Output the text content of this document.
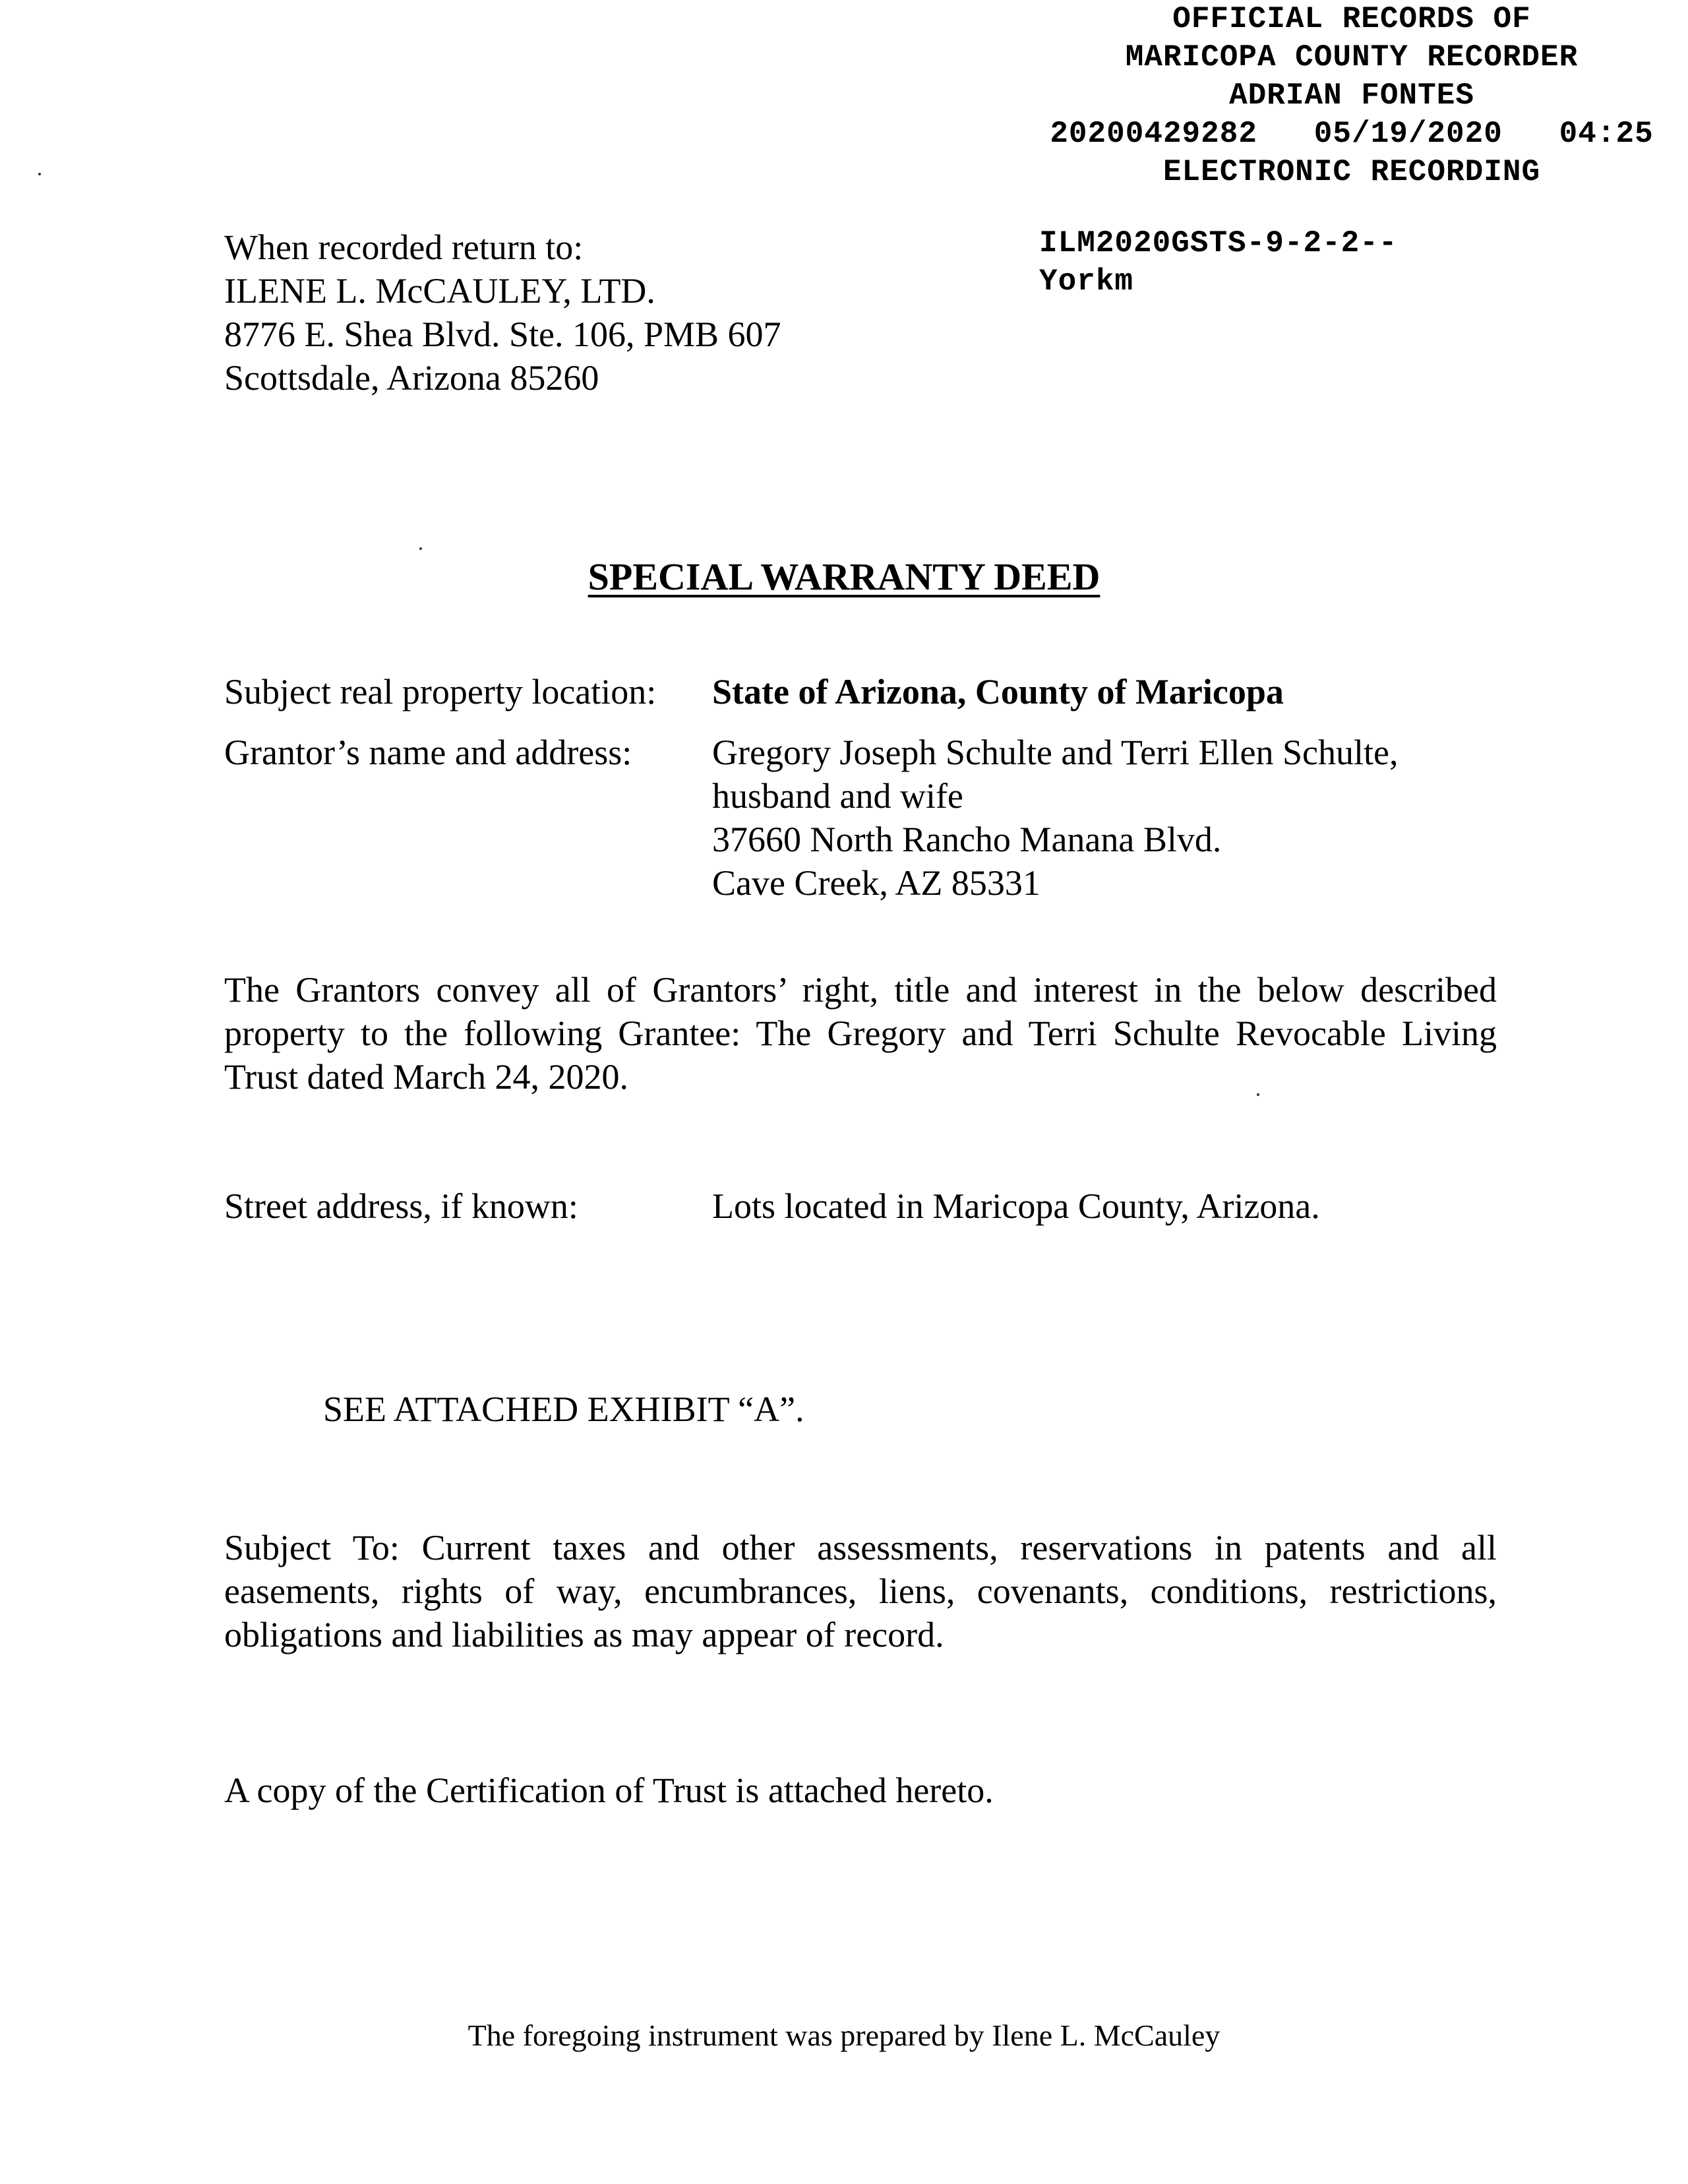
OFFICIAL RECORDS OF
MARICOPA COUNTY RECORDER
ADRIAN FONTES
20200429282   05/19/2020   04:25
ELECTRONIC RECORDING
When recorded return to:
ILENE L. McCAULEY, LTD.
8776 E. Shea Blvd. Ste. 106, PMB 607
Scottsdale, Arizona 85260
ILM2020GSTS-9-2-2--
Yorkm
SPECIAL WARRANTY DEED
Subject real property location: State of Arizona, County of Maricopa
Grantor’s name and address: Gregory Joseph Schulte and Terri Ellen Schulte,
husband and wife
37660 North Rancho Manana Blvd.
Cave Creek, AZ 85331
The Grantors convey all of Grantors’ right, title and interest in the below described property to the following Grantee: The Gregory and Terri Schulte Revocable Living Trust dated March 24, 2020.
Street address, if known:	Lots located in Maricopa County, Arizona.
SEE ATTACHED EXHIBIT “A”.
Subject To: Current taxes and other assessments, reservations in patents and all easements, rights of way, encumbrances, liens, covenants, conditions, restrictions, obligations and liabilities as may appear of record.
A copy of the Certification of Trust is attached hereto.
The foregoing instrument was prepared by Ilene L. McCauley
